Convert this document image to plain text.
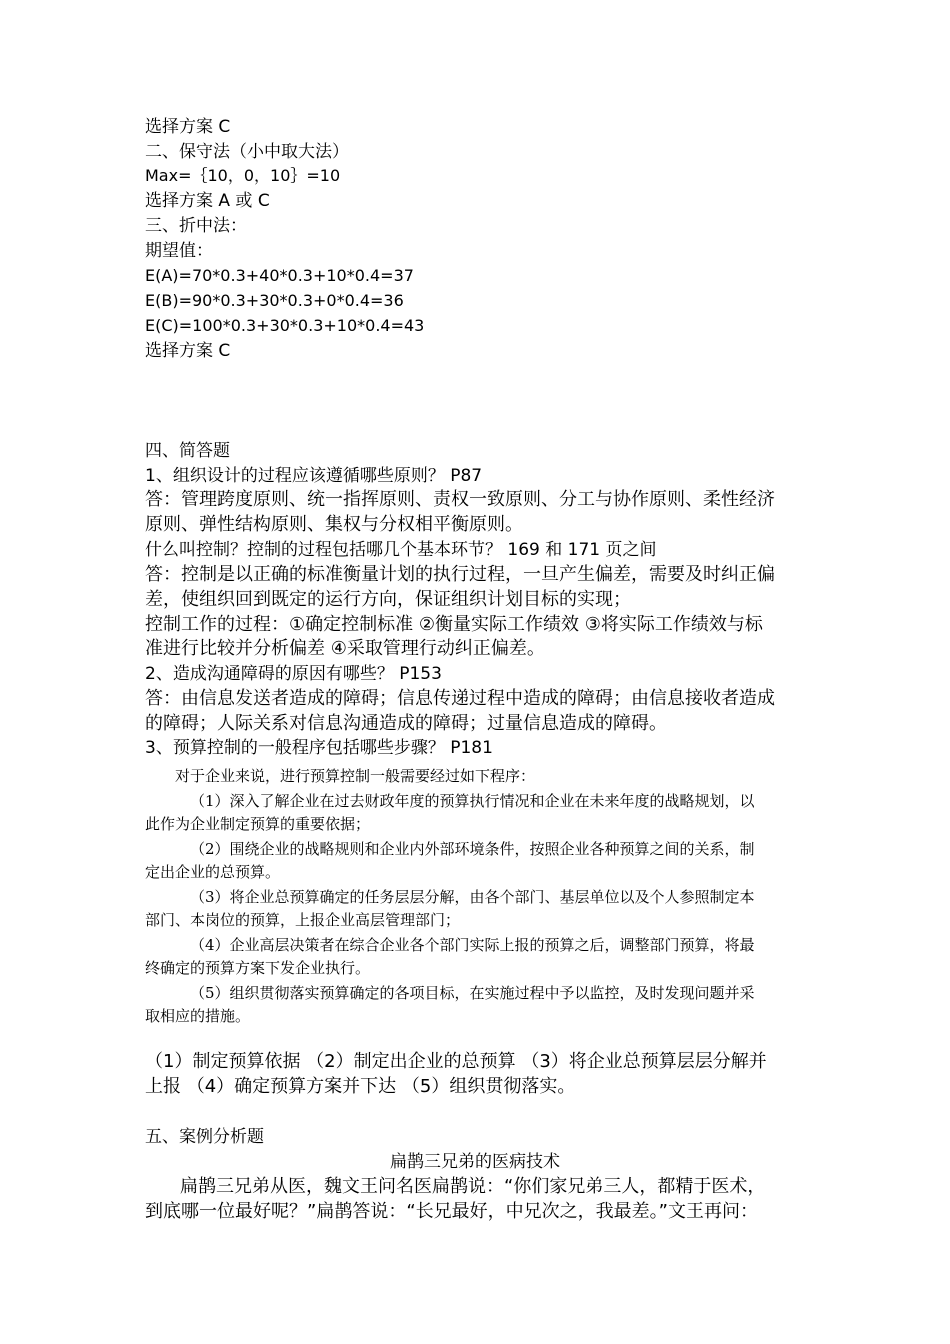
选择方案 C
二、保守法（小中取大法）
Max=｛10，0，10｝=10
选择方案 A 或 C
三、折中法：
期望值：
E(A)=70*0.3+40*0.3+10*0.4=37
E(B)=90*0.3+30*0.3+0*0.4=36
E(C)=100*0.3+30*0.3+10*0.4=43
选择方案 C
四、简答题
1、组织设计的过程应该遵循哪些原则？ P87
答：管理跨度原则、统一指挥原则、责权一致原则、分工与协作原则、柔性经济
原则、弹性结构原则、集权与分权相平衡原则。
什么叫控制？控制的过程包括哪几个基本环节？ 169 和 171 页之间
答：控制是以正确的标准衡量计划的执行过程，一旦产生偏差，需要及时纠正偏
差，使组织回到既定的运行方向，保证组织计划目标的实现；
控制工作的过程：①确定控制标准 ②衡量实际工作绩效 ③将实际工作绩效与标
准进行比较并分析偏差 ④采取管理行动纠正偏差。
2、造成沟通障碍的原因有哪些？ P153
答：由信息发送者造成的障碍；信息传递过程中造成的障碍；由信息接收者造成
的障碍；人际关系对信息沟通造成的障碍；过量信息造成的障碍。
3、预算控制的一般程序包括哪些步骤？ P181
对于企业来说，进行预算控制一般需要经过如下程序：
（1）深入了解企业在过去财政年度的预算执行情况和企业在未来年度的战略规划，以
此作为企业制定预算的重要依据；
（2）围绕企业的战略规则和企业内外部环境条件，按照企业各种预算之间的关系，制
定出企业的总预算。
（3）将企业总预算确定的任务层层分解，由各个部门、基层单位以及个人参照制定本
部门、本岗位的预算，上报企业高层管理部门；
（4）企业高层决策者在综合企业各个部门实际上报的预算之后，调整部门预算，将最
终确定的预算方案下发企业执行。
（5）组织贯彻落实预算确定的各项目标，在实施过程中予以监控，及时发现问题并采
取相应的措施。
（1）制定预算依据 （2）制定出企业的总预算 （3）将企业总预算层层分解并
上报 （4）确定预算方案并下达 （5）组织贯彻落实。
五、案例分析题
扁鹊三兄弟的医病技术
扁鹊三兄弟从医，魏文王问名医扁鹊说：“你们家兄弟三人，都精于医术，
到底哪一位最好呢？”扁鹊答说：“长兄最好，中兄次之，我最差。”文王再问：
